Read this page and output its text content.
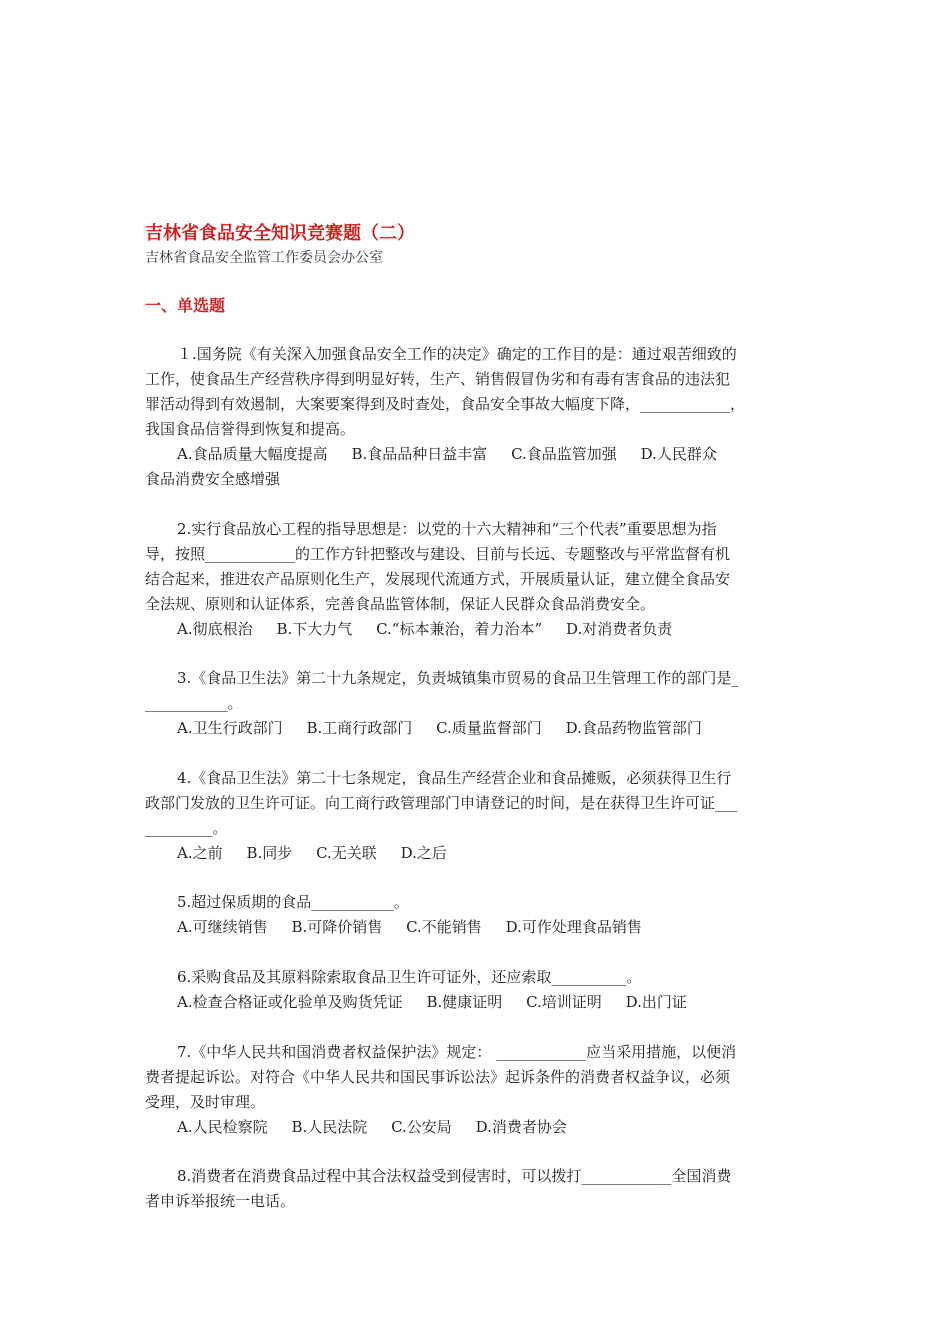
吉林省食品安全知识竞赛题（二）
吉林省食品安全监管工作委员会办公室
一、单选题
１.国务院《有关深入加强食品安全工作的决定》确定的工作目的是：通过艰苦细致的
工作，使食品生产经营秩序得到明显好转，生产、销售假冒伪劣和有毒有害食品的违法犯
罪活动得到有效遏制，大案要案得到及时查处，食品安全事故大幅度下降，____________，
我国食品信誉得到恢复和提高。
A.食品质量大幅度提高     B.食品品种日益丰富     C.食品监管加强     D.人民群众
食品消费安全感增强
2.实行食品放心工程的指导思想是：以党的十六大精神和“三个代表”重要思想为指
导，按照____________的工作方针把整改与建设、目前与长远、专题整改与平常监督有机
结合起来，推进农产品原则化生产，发展现代流通方式，开展质量认证，建立健全食品安
全法规、原则和认证体系，完善食品监管体制，保证人民群众食品消费安全。
A.彻底根治     B.下大力气     C.“标本兼治，着力治本”     D.对消费者负责
3.《食品卫生法》第二十九条规定，负责城镇集市贸易的食品卫生管理工作的部门是_
___________。
A.卫生行政部门     B.工商行政部门     C.质量监督部门     D.食品药物监管部门
4.《食品卫生法》第二十七条规定，食品生产经营企业和食品摊贩，必须获得卫生行
政部门发放的卫生许可证。向工商行政管理部门申请登记的时间，是在获得卫生许可证___
_________。
A.之前     B.同步     C.无关联     D.之后
5.超过保质期的食品___________。
A.可继续销售     B.可降价销售     C.不能销售     D.可作处理食品销售
6.采购食品及其原料除索取食品卫生许可证外，还应索取__________。
A.检查合格证或化验单及购货凭证     B.健康证明     C.培训证明     D.出门证
7.《中华人民共和国消费者权益保护法》规定： ____________应当采用措施，以便消
费者提起诉讼。对符合《中华人民共和国民事诉讼法》起诉条件的消费者权益争议，必须
受理，及时审理。
A.人民检察院     B.人民法院     C.公安局     D.消费者协会
8.消费者在消费食品过程中其合法权益受到侵害时，可以拨打____________全国消费
者申诉举报统一电话。
